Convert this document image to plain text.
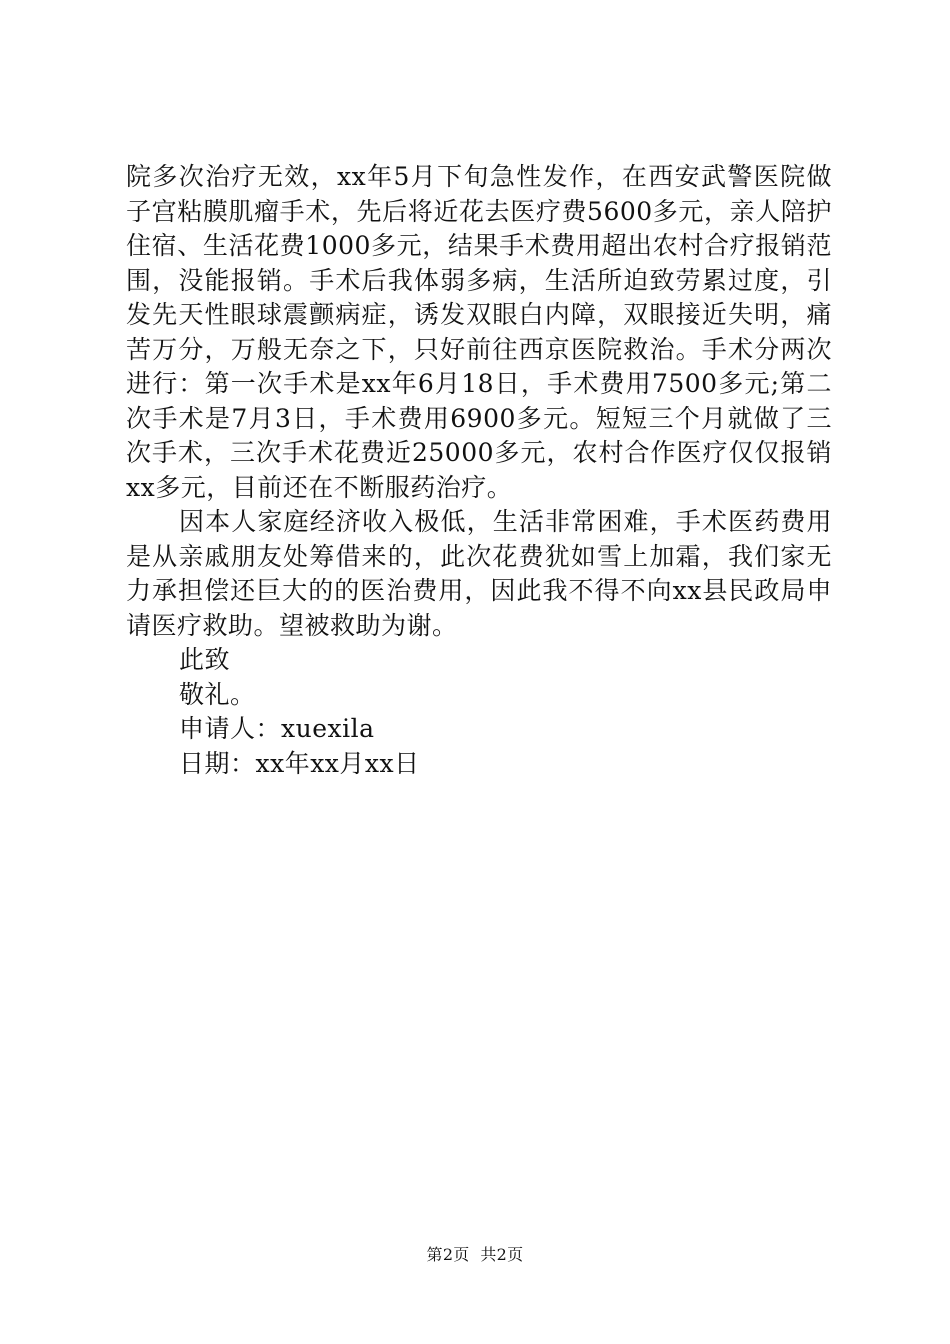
院多次治疗无效，xx年5月下旬急性发作，在西安武警医院做子宫粘膜肌瘤手术，先后将近花去医疗费5600多元，亲人陪护住宿、生活花费1000多元，结果手术费用超出农村合疗报销范围，没能报销。手术后我体弱多病，生活所迫致劳累过度，引发先天性眼球震颤病症，诱发双眼白内障，双眼接近失明，痛苦万分，万般无奈之下，只好前往西京医院救治。手术分两次进行：第一次手术是xx年6月18日，手术费用7500多元;第二次手术是7月3日，手术费用6900多元。短短三个月就做了三次手术，三次手术花费近25000多元，农村合作医疗仅仅报销xx多元，目前还在不断服药治疗。

因本人家庭经济收入极低，生活非常困难，手术医药费用是从亲戚朋友处筹借来的，此次花费犹如雪上加霜，我们家无力承担偿还巨大的的医治费用，因此我不得不向xx县民政局申请医疗救助。望被救助为谢。

此致

敬礼。

申请人：xuexila

日期：xx年xx月xx日

第2页  共2页
